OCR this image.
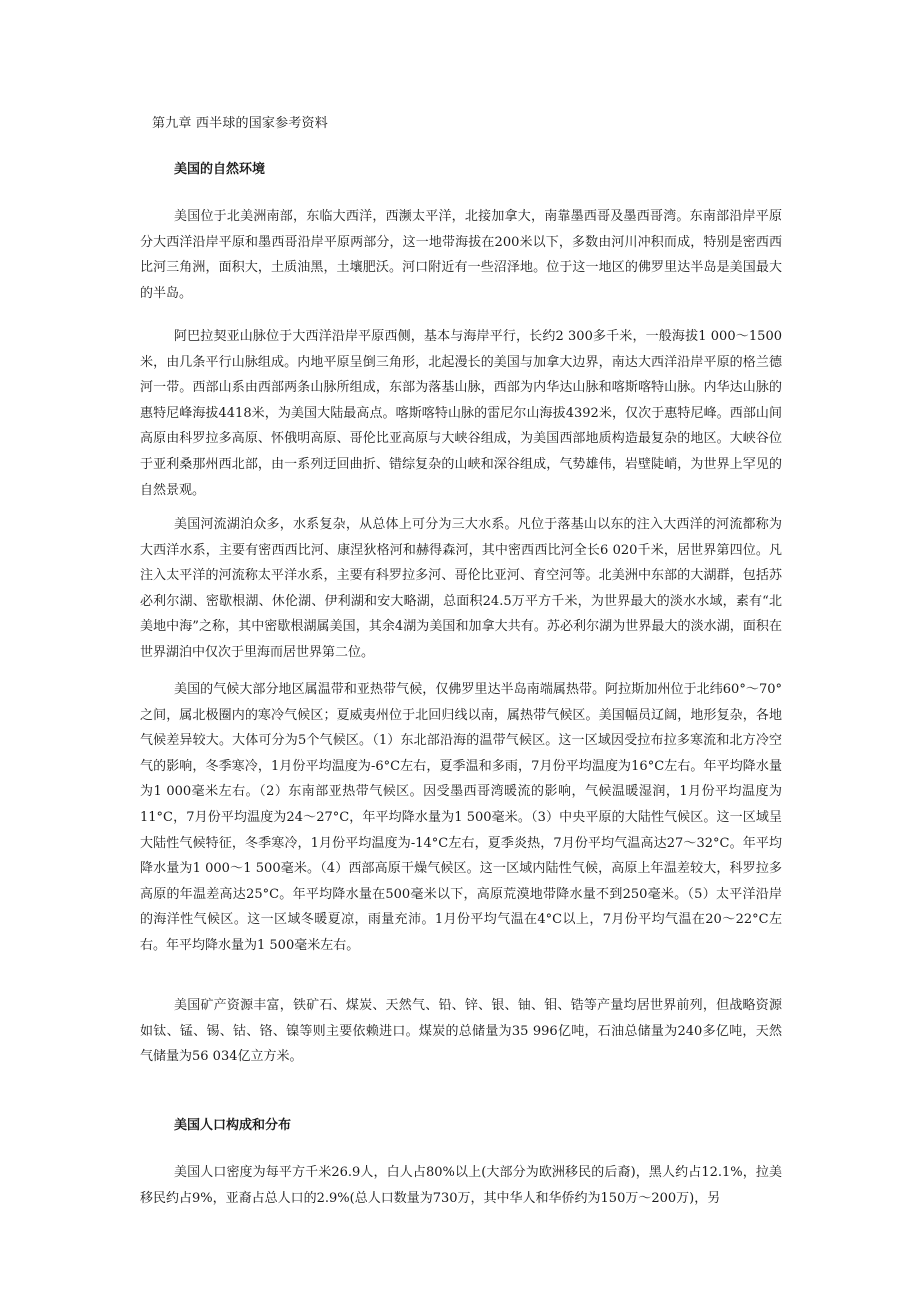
第九章 西半球的国家参考资料
美国的自然环境

美国位于北美洲南部，东临大西洋，西濒太平洋，北接加拿大，南靠墨西哥及墨西哥湾。东南部沿岸平原分大西洋沿岸平原和墨西哥沿岸平原两部分，这一地带海拔在200米以下，多数由河川冲积而成，特别是密西西比河三角洲，面积大，土质油黑，土壤肥沃。河口附近有一些沼泽地。位于这一地区的佛罗里达半岛是美国最大的半岛。

阿巴拉契亚山脉位于大西洋沿岸平原西侧，基本与海岸平行，长约2 300多千米，一般海拔1 000～1500米，由几条平行山脉组成。内地平原呈倒三角形，北起漫长的美国与加拿大边界，南达大西洋沿岸平原的格兰德河一带。西部山系由西部两条山脉所组成，东部为落基山脉，西部为内华达山脉和喀斯喀特山脉。内华达山脉的惠特尼峰海拔4418米，为美国大陆最高点。喀斯喀特山脉的雷尼尔山海拔4392米，仅次于惠特尼峰。西部山间高原由科罗拉多高原、怀俄明高原、哥伦比亚高原与大峡谷组成，为美国西部地质构造最复杂的地区。大峡谷位于亚利桑那州西北部，由一系列迂回曲折、错综复杂的山峡和深谷组成，气势雄伟，岩壁陡峭，为世界上罕见的自然景观。

美国河流湖泊众多，水系复杂，从总体上可分为三大水系。凡位于落基山以东的注入大西洋的河流都称为大西洋水系，主要有密西西比河、康涅狄格河和赫得森河，其中密西西比河全长6 020千米，居世界第四位。凡注入太平洋的河流称太平洋水系，主要有科罗拉多河、哥伦比亚河、育空河等。北美洲中东部的大湖群，包括苏必利尔湖、密歇根湖、休伦湖、伊利湖和安大略湖，总面积24.5万平方千米，为世界最大的淡水水域，素有“北美地中海”之称，其中密歇根湖属美国，其余4湖为美国和加拿大共有。苏必利尔湖为世界最大的淡水湖，面积在世界湖泊中仅次于里海而居世界第二位。

美国的气候大部分地区属温带和亚热带气候，仅佛罗里达半岛南端属热带。阿拉斯加州位于北纬60°～70°之间，属北极圈内的寒冷气候区；夏威夷州位于北回归线以南，属热带气候区。美国幅员辽阔，地形复杂，各地气候差异较大。大体可分为5个气候区。（1）东北部沿海的温带气候区。这一区域因受拉布拉多寒流和北方冷空气的影响，冬季寒冷，1月份平均温度为-6°C左右，夏季温和多雨，7月份平均温度为16°C左右。年平均降水量为1 000毫米左右。（2）东南部亚热带气候区。因受墨西哥湾暖流的影响，气候温暖湿润，1月份平均温度为11°C，7月份平均温度为24～27°C，年平均降水量为1 500毫米。（3）中央平原的大陆性气候区。这一区域呈大陆性气候特征，冬季寒冷，1月份平均温度为-14°C左右，夏季炎热，7月份平均气温高达27～32°C。年平均降水量为1 000～1 500毫米。（4）西部高原干燥气候区。这一区域内陆性气候，高原上年温差较大，科罗拉多高原的年温差高达25°C。年平均降水量在500毫米以下，高原荒漠地带降水量不到250毫米。（5）太平洋沿岸的海洋性气候区。这一区域冬暖夏凉，雨量充沛。1月份平均气温在4°C以上，7月份平均气温在20～22°C左右。年平均降水量为1 500毫米左右。

美国矿产资源丰富，铁矿石、煤炭、天然气、铅、锌、银、铀、钼、锆等产量均居世界前列，但战略资源如钛、锰、锡、钴、铬、镍等则主要依赖进口。煤炭的总储量为35 996亿吨，石油总储量为240多亿吨，天然气储量为56 034亿立方米。

美国人口构成和分布

美国人口密度为每平方千米26.9人，白人占80%以上(大部分为欧洲移民的后裔)，黑人约占12.1%，拉美移民约占9%，亚裔占总人口的2.9%(总人口数量为730万，其中华人和华侨约为150万～200万)，另
